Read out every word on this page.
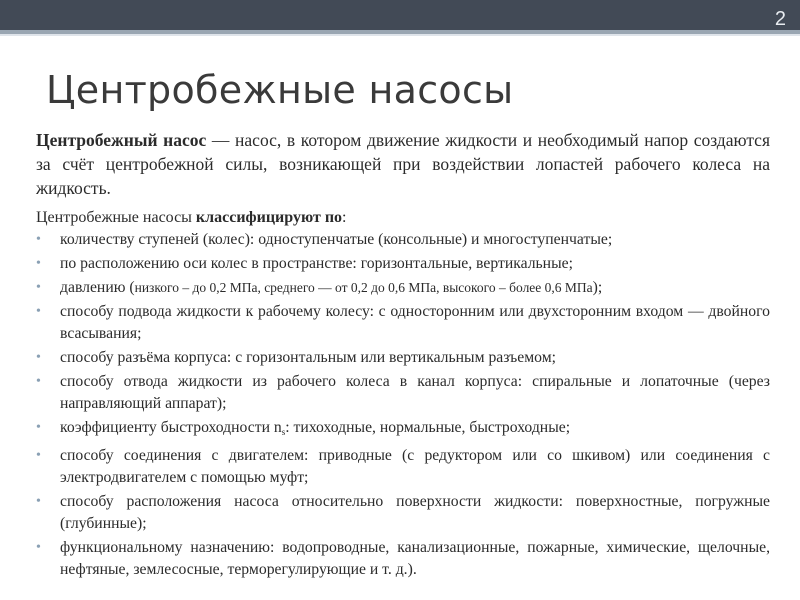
2
Центробежные насосы

Центробежный насос — насос, в котором движение жидкости и необходимый напор создаются за счёт центробежной силы, возникающей при воздействии лопастей рабочего колеса на жидкость.

Центробежные насосы классифицируют по:

• количеству ступеней (колес): одноступенчатые (консольные) и многоступенчатые;
• по расположению оси колес в пространстве: горизонтальные, вертикальные;
• давлению (низкого – до 0,2 МПа, среднего — от 0,2 до 0,6 МПа, высокого – более 0,6 МПа);
• способу подвода жидкости к рабочему колесу: с односторонним или двухсторонним входом — двойного всасывания;
• способу разъёма корпуса: с горизонтальным или вертикальным разъемом;
• способу отвода жидкости из рабочего колеса в канал корпуса: спиральные и лопаточные (через направляющий аппарат);
• коэффициенту быстроходности $n_s$: тихоходные, нормальные, быстроходные;
• способу соединения с двигателем: приводные (с редуктором или со шкивом) или соединения с электродвигателем с помощью муфт;
• способу расположения насоса относительно поверхности жидкости: поверхностные, погружные (глубинные);
• функциональному назначению: водопроводные, канализационные, пожарные, химические, щелочные, нефтяные, землесосные, терморегулирующие и т. д.).
